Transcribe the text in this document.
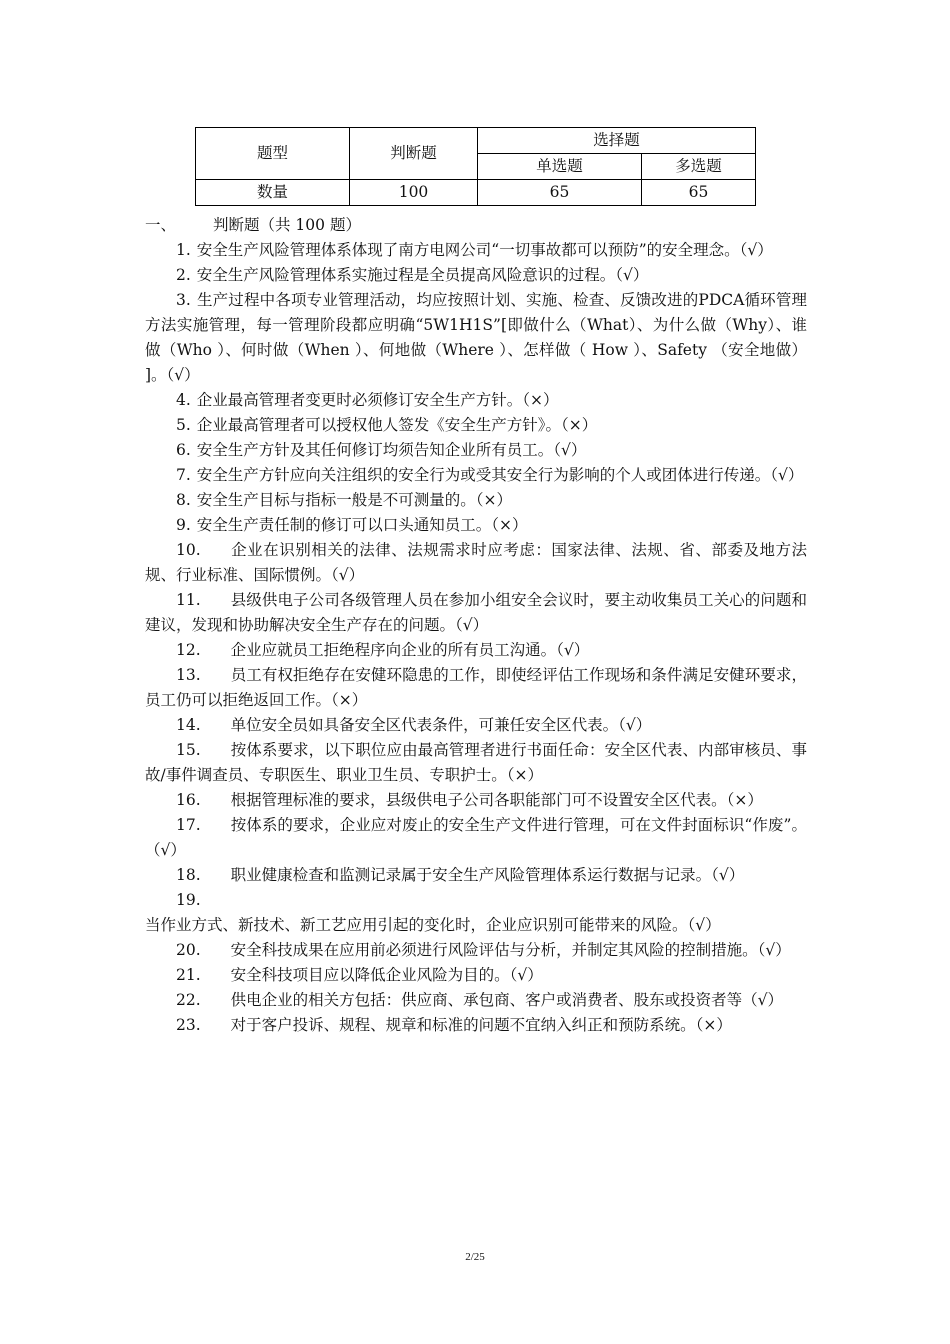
题型	判断题	选择题	
		单选题	多选题
数量	100	65	65
一、 判断题（共 100 题）
1. 安全生产风险管理体系体现了南方电网公司“一切事故都可以预防”的安全理念。（√）
2. 安全生产风险管理体系实施过程是全员提高风险意识的过程。（√）
3. 生产过程中各项专业管理活动，均应按照计划、实施、检查、反馈改进的PDCA循环管理方法实施管理，每一管理阶段都应明确“5W1H1S”[即做什么（What）、为什么做（Why）、谁做（Who ）、何时做（When ）、何地做（Where ）、怎样做（ How ）、Safety （安全地做） ]。（√）
4. 企业最高管理者变更时必须修订安全生产方针。（×）
5. 企业最高管理者可以授权他人签发《安全生产方针》。（×）
6. 安全生产方针及其任何修订均须告知企业所有员工。（√）
7. 安全生产方针应向关注组织的安全行为或受其安全行为影响的个人或团体进行传递。（√）
8. 安全生产目标与指标一般是不可测量的。（×）
9. 安全生产责任制的修订可以口头通知员工。（×）
10. 企业在识别相关的法律、法规需求时应考虑：国家法律、法规、省、部委及地方法规、行业标准、国际惯例。（√）
11. 县级供电子公司各级管理人员在参加小组安全会议时，要主动收集员工关心的问题和建议，发现和协助解决安全生产存在的问题。（√）
12. 企业应就员工拒绝程序向企业的所有员工沟通。（√）
13. 员工有权拒绝存在安健环隐患的工作，即使经评估工作现场和条件满足安健环要求，员工仍可以拒绝返回工作。（×）
14. 单位安全员如具备安全区代表条件，可兼任安全区代表。（√）
15. 按体系要求，以下职位应由最高管理者进行书面任命：安全区代表、内部审核员、事故/事件调查员、专职医生、职业卫生员、专职护士。（×）
16. 根据管理标准的要求，县级供电子公司各职能部门可不设置安全区代表。（×）
17. 按体系的要求，企业应对废止的安全生产文件进行管理，可在文件封面标识“作废”。（√）
18. 职业健康检查和监测记录属于安全生产风险管理体系运行数据与记录。（√）
19. 当作业方式、新技术、新工艺应用引起的变化时，企业应识别可能带来的风险。（√）
20. 安全科技成果在应用前必须进行风险评估与分析，并制定其风险的控制措施。（√）
21. 安全科技项目应以降低企业风险为目的。（√）
22. 供电企业的相关方包括：供应商、承包商、客户或消费者、股东或投资者等（√）
23. 对于客户投诉、规程、规章和标准的问题不宜纳入纠正和预防系统。（×）
2/25
